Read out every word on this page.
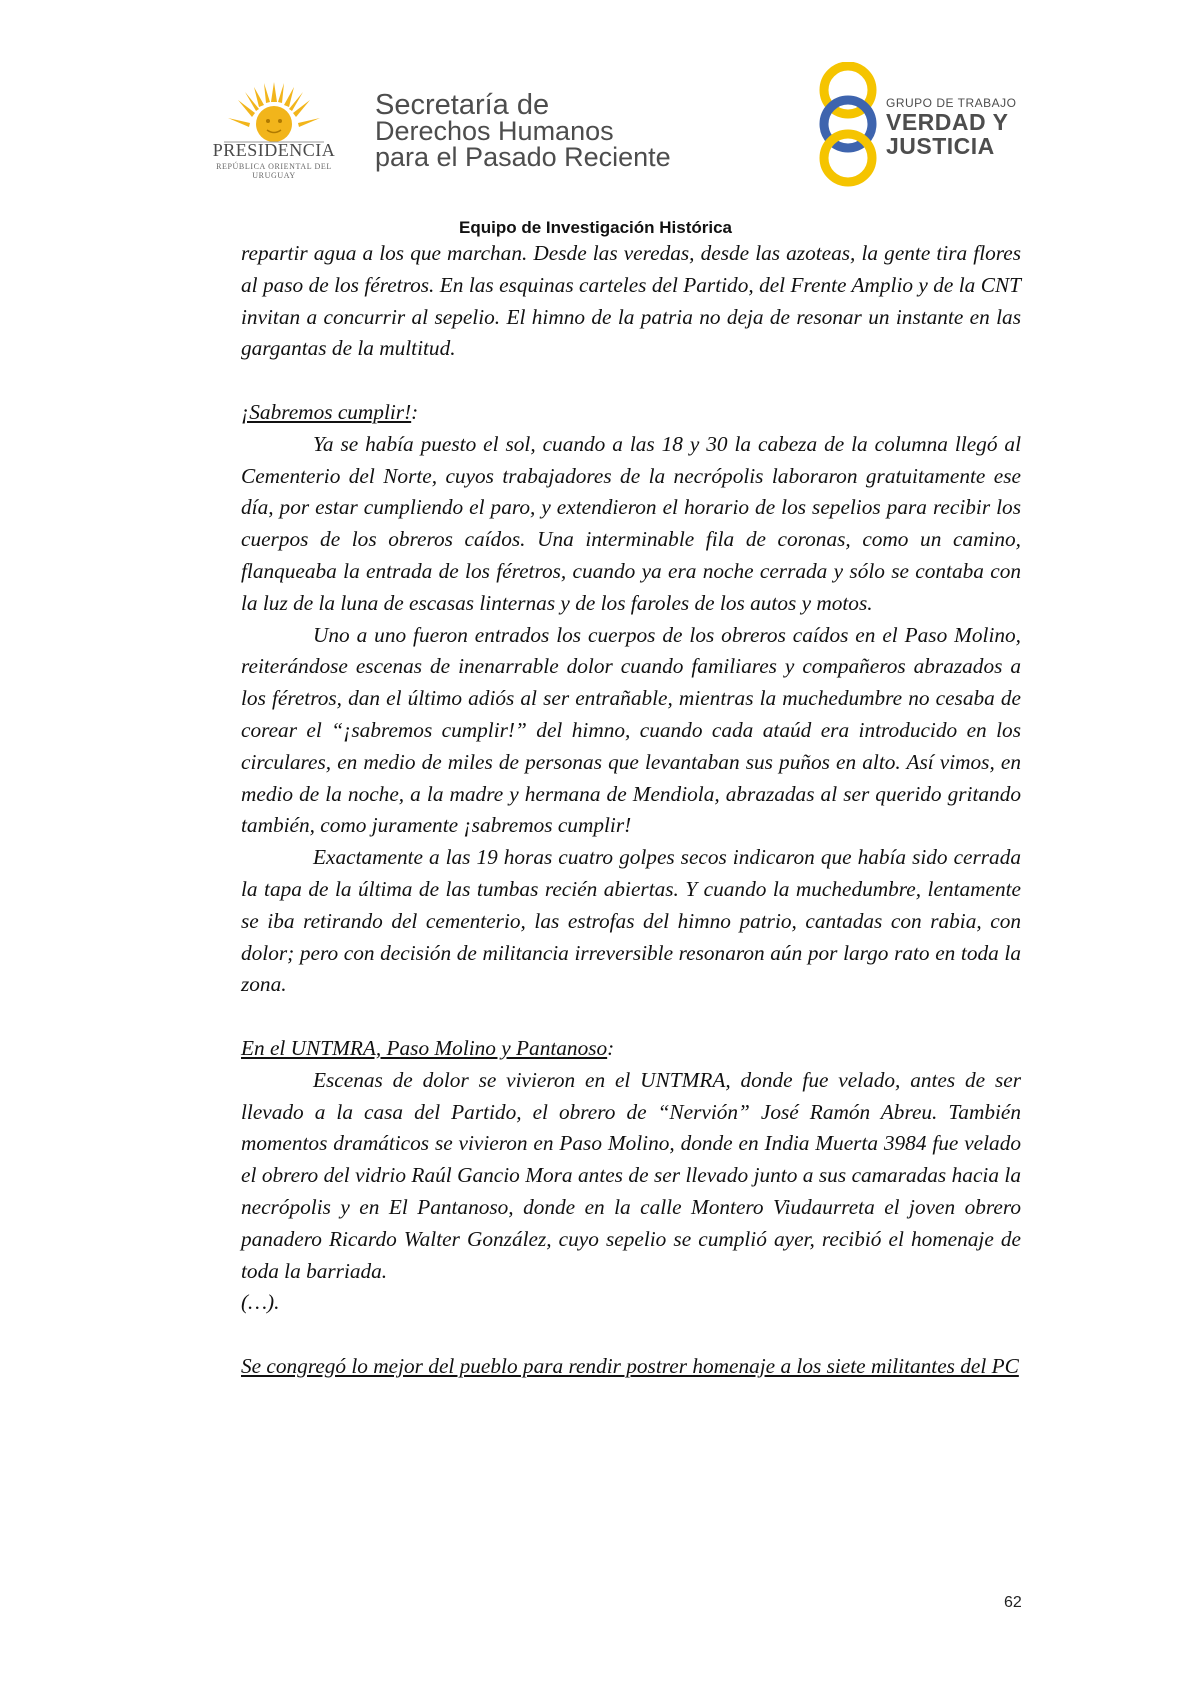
PRESIDENCIA
REPÚBLICA ORIENTAL DEL URUGUAY
Secretaría de
Derechos Humanos
para el Pasado Reciente
GRUPO DE TRABAJO
VERDAD Y
JUSTICIA
Equipo de Investigación Histórica

repartir agua a los que marchan. Desde las veredas, desde las azoteas, la gente tira flores al paso de los féretros. En las esquinas carteles del Partido, del Frente Amplio y de la CNT invitan a concurrir al sepelio. El himno de la patria no deja de resonar un instante en las gargantas de la multitud.

¡Sabremos cumplir!:

Ya se había puesto el sol, cuando a las 18 y 30 la cabeza de la columna llegó al Cementerio del Norte, cuyos trabajadores de la necrópolis laboraron gratuitamente ese día, por estar cumpliendo el paro, y extendieron el horario de los sepelios para recibir los cuerpos de los obreros caídos. Una interminable fila de coronas, como un camino, flanqueaba la entrada de los féretros, cuando ya era noche cerrada y sólo se contaba con la luz de la luna de escasas linternas y de los faroles de los autos y motos.

Uno a uno fueron entrados los cuerpos de los obreros caídos en el Paso Molino, reiterándose escenas de inenarrable dolor cuando familiares y compañeros abrazados a los féretros, dan el último adiós al ser entrañable, mientras la muchedumbre no cesaba de corear el “¡sabremos cumplir!” del himno, cuando cada ataúd era introducido en los circulares, en medio de miles de personas que levantaban sus puños en alto. Así vimos, en medio de la noche, a la madre y hermana de Mendiola, abrazadas al ser querido gritando también, como juramente ¡sabremos cumplir!

Exactamente a las 19 horas cuatro golpes secos indicaron que había sido cerrada la tapa de la última de las tumbas recién abiertas. Y cuando la muchedumbre, lentamente se iba retirando del cementerio, las estrofas del himno patrio, cantadas con rabia, con dolor; pero con decisión de militancia irreversible resonaron aún por largo rato en toda la zona.

En el UNTMRA, Paso Molino y Pantanoso:

Escenas de dolor se vivieron en el UNTMRA, donde fue velado, antes de ser llevado a la casa del Partido, el obrero de “Nervión” José Ramón Abreu. También momentos dramáticos se vivieron en Paso Molino, donde en India Muerta 3984 fue velado el obrero del vidrio Raúl Gancio Mora antes de ser llevado junto a sus camaradas hacia la necrópolis y en El Pantanoso, donde en la calle Montero Viudaurreta el joven obrero panadero Ricardo Walter González, cuyo sepelio se cumplió ayer, recibió el homenaje de toda la barriada.

(…).

Se congregó lo mejor del pueblo para rendir postrer homenaje a los siete militantes del PC

62
